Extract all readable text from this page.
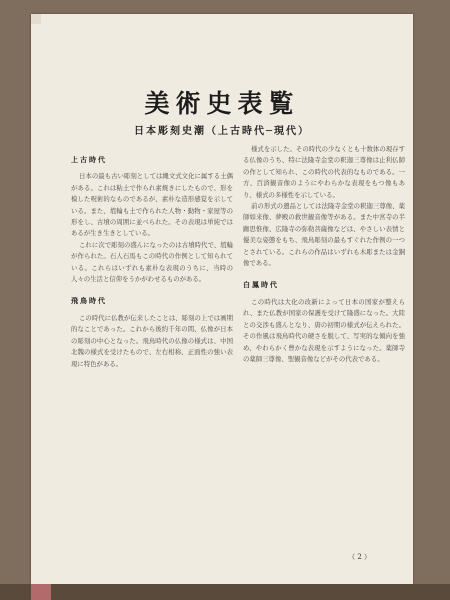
美術史表覧
日本彫刻史潮（上古時代─現代）
上古時代

日本の最も古い彫刻としては縄文式文化に属する土偶がある。これは粘土で作られ素焼きにしたもので、形を模した呪術的なものであるが、素朴な造形感覚を示している。また、埴輪も土で作られた人物・動物・家屋等の形をし、古墳の周囲に並べられた。その表現は単純ではあるが生き生きとしている。

これに次で彫刻の盛んになったのは古墳時代で、埴輪が作られた。石人石馬もこの時代の作例として知られている。これらはいずれも素朴な表現のうちに、当時の人々の生活と信仰をうかがわせるものがある。

飛鳥時代

この時代に仏教が伝来したことは、彫刻の上では画期的なことであった。これから後約千年の間、仏像が日本の彫刻の中心となった。飛鳥時代の仏像の様式は、中国北魏の様式を受けたもので、左右相称、正面性の強い表現に特色がある。

様式を示した。その時代の少なくとも十数体の現存する仏像のうち、特に法隆寺金堂の釈迦三尊像は止利仏師の作として知られ、この時代の代表的なものである。一方、百済観音像のようにやわらかな表現をもつ像もあり、様式の多様性を示している。

前の形式の遺品としては法隆寺金堂の釈迦三尊像、薬師如来像、夢殿の救世観音像等がある。また中宮寺の半跏思惟像、広隆寺の弥勒菩薩像などは、やさしい表情と優美な姿態をもち、飛鳥彫刻の最もすぐれた作例の一つとされている。これらの作品はいずれも木彫または金銅像である。

白鳳時代

この時代は大化の改新によって日本の国家が整えられ、また仏教が国家の保護を受けて隆盛になった。大陸との交渉も盛んとなり、唐の初期の様式が伝えられた。その作風は飛鳥時代の硬さを脱して、写実的な傾向を強め、やわらかく豊かな表現を示すようになった。薬師寺の薬師三尊像、聖観音像などがその代表である。

（ 2 ）
